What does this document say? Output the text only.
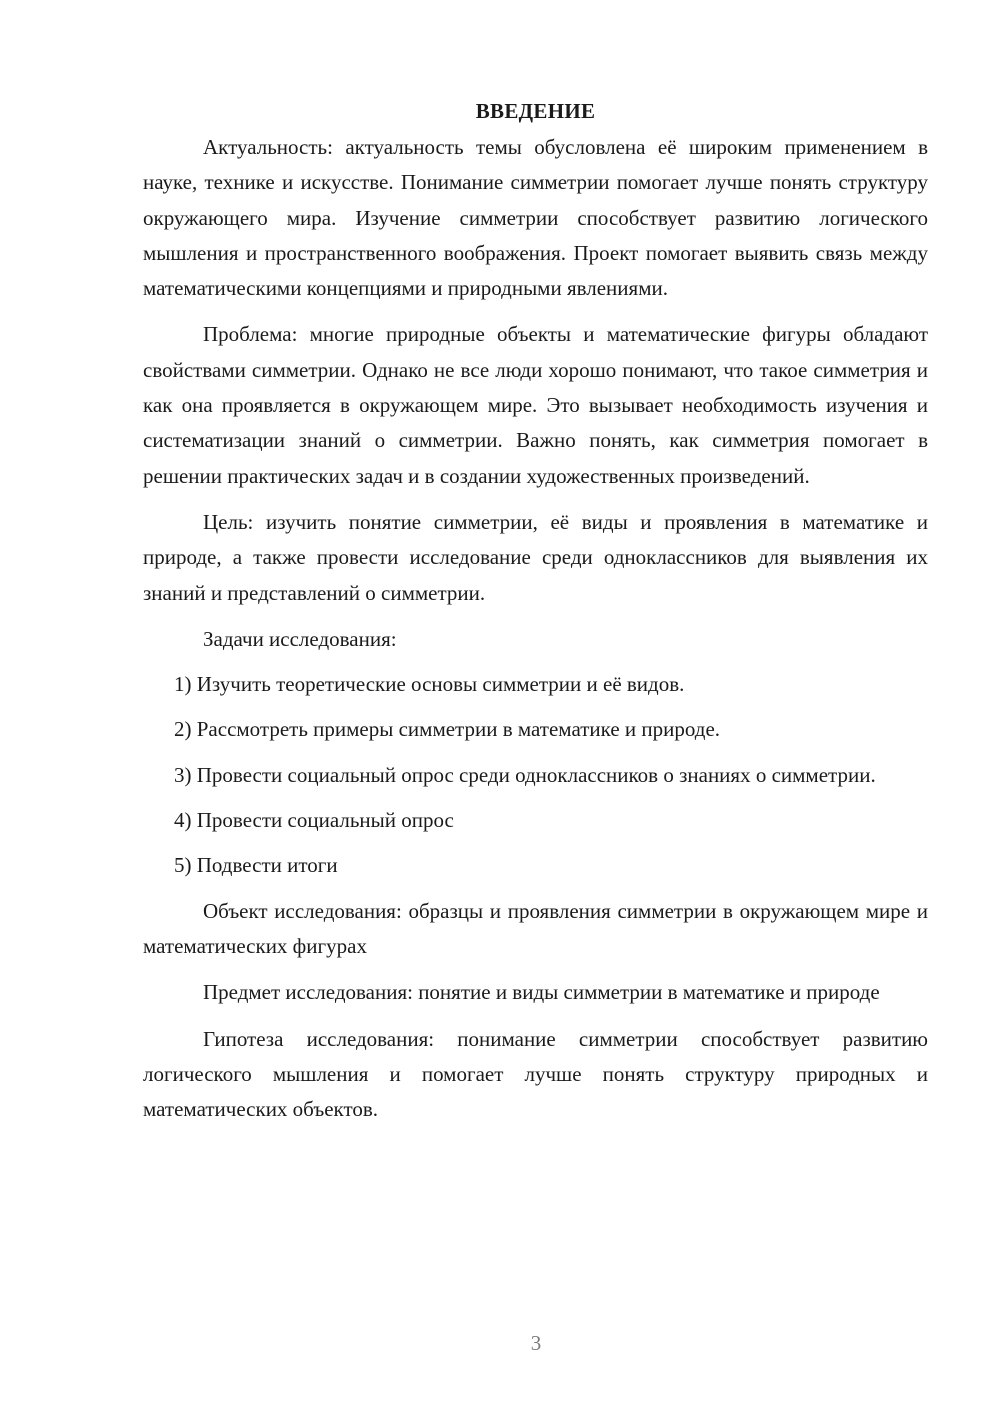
ВВЕДЕНИЕ

Актуальность: актуальность темы обусловлена её широким применением в науке, технике и искусстве. Понимание симметрии помогает лучше понять структуру окружающего мира. Изучение симметрии способствует развитию логического мышления и пространственного воображения. Проект помогает выявить связь между математическими концепциями и природными явлениями.

Проблема: многие природные объекты и математические фигуры обладают свойствами симметрии. Однако не все люди хорошо понимают, что такое симметрия и как она проявляется в окружающем мире. Это вызывает необходимость изучения и систематизации знаний о симметрии. Важно понять, как симметрия помогает в решении практических задач и в создании художественных произведений.

Цель: изучить понятие симметрии, её виды и проявления в математике и природе, а также провести исследование среди одноклассников для выявления их знаний и представлений о симметрии.

Задачи исследования:

1) Изучить теоретические основы симметрии и её видов.

2) Рассмотреть примеры симметрии в математике и природе.

3) Провести социальный опрос среди одноклассников о знаниях о симметрии.

4) Провести социальный опрос

5) Подвести итоги

Объект исследования: образцы и проявления симметрии в окружающем мире и математических фигурах

Предмет исследования: понятие и виды симметрии в математике и природе

Гипотеза исследования: понимание симметрии способствует развитию логического мышления и помогает лучше понять структуру природных и математических объектов.

3
